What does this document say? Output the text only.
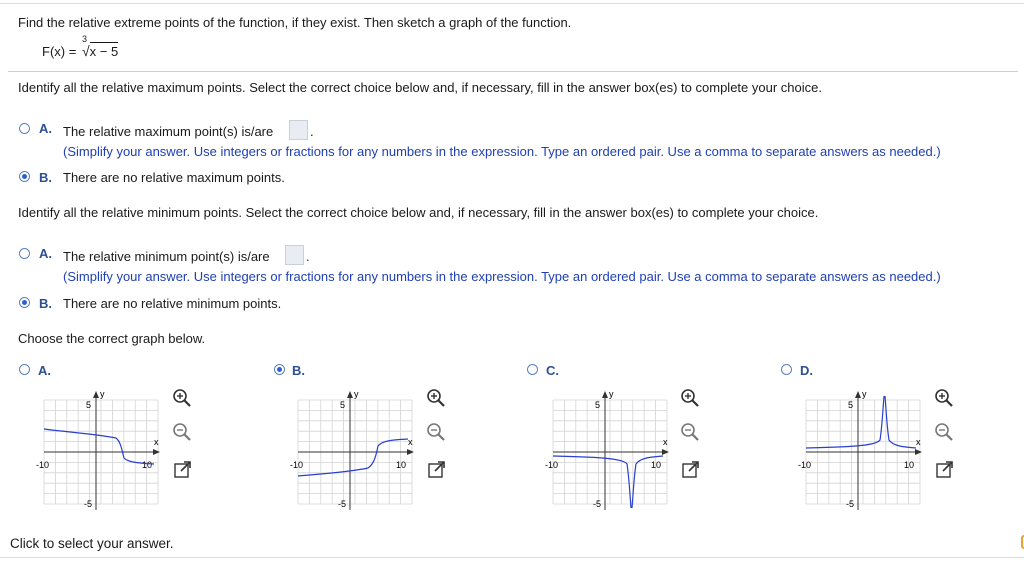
Find the relative extreme points of the function, if they exist. Then sketch a graph of the function.
F(x) =
3
√x − 5
Identify all the relative maximum points. Select the correct choice below and, if necessary, fill in the answer box(es) to complete your choice.
A. The relative maximum point(s) is/are	.
(Simplify your answer. Use integers or fractions for any numbers in the expression. Type an ordered pair. Use a comma to separate answers as needed.)
B. There are no relative maximum points.
Identify all the relative minimum points. Select the correct choice below and, if necessary, fill in the answer box(es) to complete your choice.
A. The relative minimum point(s) is/are	.
(Simplify your answer. Use integers or fractions for any numbers in the expression. Type an ordered pair. Use a comma to separate answers as needed.)
B. There are no relative minimum points.
Choose the correct graph below.
A.
y
x
5
-5
-10	10
B.
y
x
5
-5
-10	10
C.
y
x
5
-5
-10	10
D.
y
x
5
-5
-10	10
Click to select your answer.
